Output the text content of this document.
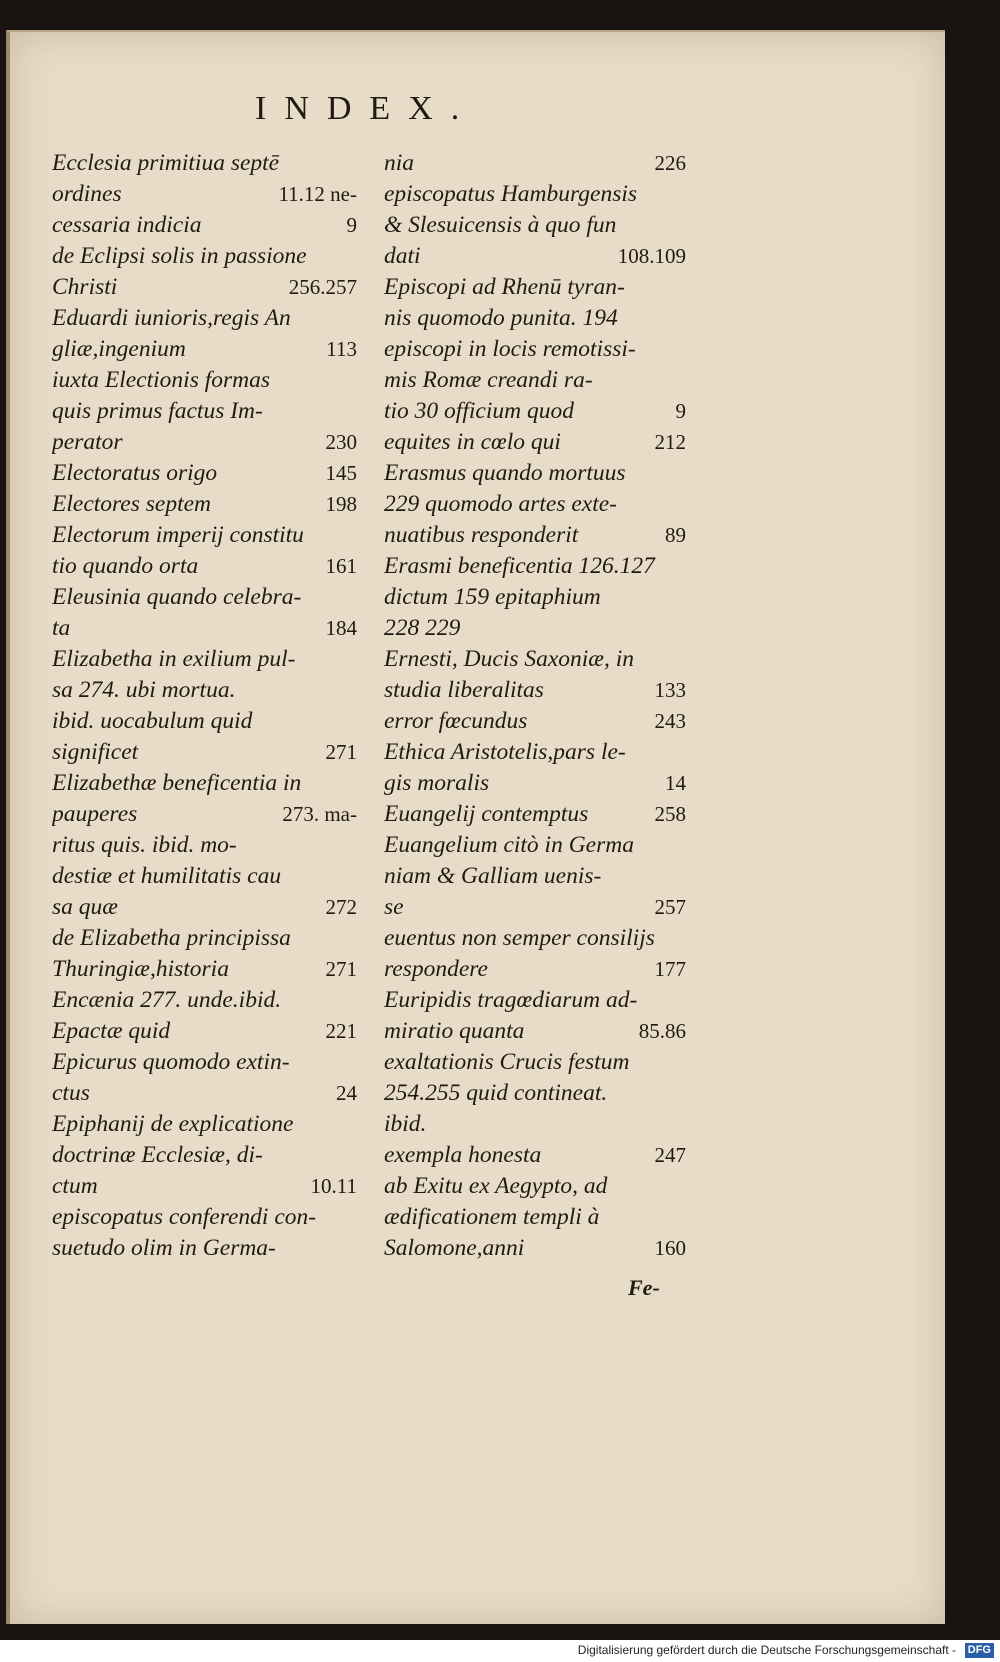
INDEX.
Ecclesia primitiua septē
ordines	11.12 ne-
cessaria indicia	9
de Eclipsi solis in passione
Christi	256.257
Eduardi iunioris,regis An
gliæ,ingenium	113
iuxta Electionis formas
quis primus factus Im-
perator	230
Electoratus origo	145
Electores septem	198
Electorum imperij constitu
tio quando orta	161
Eleusinia quando celebra-
ta	184
Elizabetha in exilium pul-
sa 274. ubi mortua.
ibid. uocabulum quid
significet	271
Elizabethæ beneficentia in
pauperes	273. ma-
ritus quis. ibid. mo-
destiæ et humilitatis cau
sa quæ	272
de Elizabetha principissa
Thuringiæ,historia	271
Encænia 277. unde.ibid.
Epactæ quid	221
Epicurus quomodo extin-
ctus	24
Epiphanij de explicatione
doctrinæ Ecclesiæ, di-
ctum	10.11
episcopatus conferendi con-
suetudo olim in Germa-
nia	226
episcopatus Hamburgensis
& Slesuicensis à quo fun
dati	108.109
Episcopi ad Rhenū tyran-
nis quomodo punita. 194
episcopi in locis remotissi-
mis Romæ creandi ra-
tio 30 officium quod	9
equites in cœlo qui	212
Erasmus quando mortuus
229 quomodo artes exte-
nuatibus responderit	89
Erasmi beneficentia 126.127
dictum 159 epitaphium
228 229
Ernesti, Ducis Saxoniæ, in
studia liberalitas	133
error fœcundus	243
Ethica Aristotelis,pars le-
gis moralis	14
Euangelij contemptus	258
Euangelium citò in Germa
niam & Galliam uenis-
se	257
euentus non semper consilijs
respondere	177
Euripidis tragœdiarum ad-
miratio quanta	85.86
exaltationis Crucis festum
254.255 quid contineat.
ibid.
exempla honesta	247
ab Exitu ex Aegypto, ad
ædificationem templi à
Salomone,anni	160
Fe-
Digitalisierung gefördert durch die Deutsche Forschungsgemeinschaft - DFG
